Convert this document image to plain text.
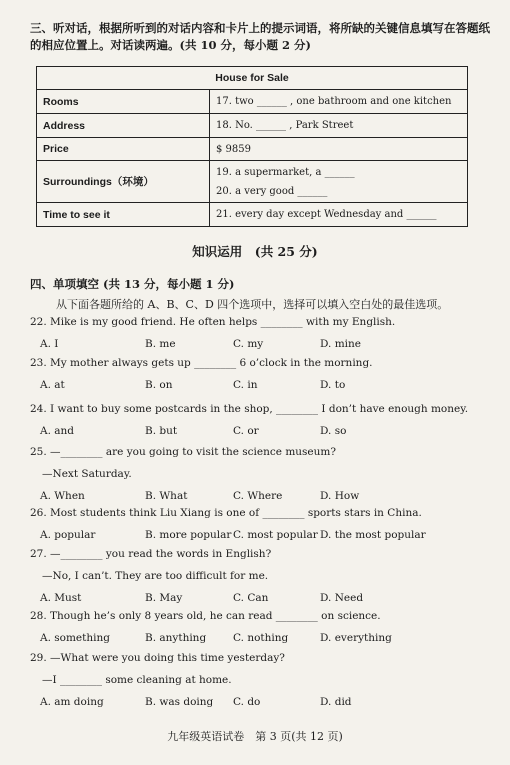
三、听对话，根据所听到的对话内容和卡片上的提示词语，将所缺的关键信息填写在答题纸的相应位置上。对话读两遍。(共 10 分，每小题 2 分)
House for Sale	
Rooms	17. two ______ , one bathroom and one kitchen
Address	18. No. ______ , Park Street
Price	$ 9859
Surroundings（环境）	19. a supermarket, a ______
20. a very good ______

Time to see it	21. every day except Wednesday and ______
知识运用　(共 25 分)
四、单项填空 (共 13 分，每小题 1 分)
从下面各题所给的 A、B、C、D 四个选项中，选择可以填入空白处的最佳选项。
22. Mike is my good friend. He often helps ________ with my English.
A. I	B. me	C. my	D. mine
23. My mother always gets up ________ 6 o’clock in the morning.
A. at	B. on	C. in	D. to
24. I want to buy some postcards in the shop, ________ I don’t have enough money.
A. and	B. but	C. or	D. so
25. —________ are you going to visit the science museum?
—Next Saturday.
A. When	B. What	C. Where	D. How
26. Most students think Liu Xiang is one of ________ sports stars in China.
A. popular	B. more popular C. most popular D. the most popular
27. —________ you read the words in English?
—No, I can’t. They are too difficult for me.
A. Must	B. May	C. Can	D. Need
28. Though he’s only 8 years old, he can read ________ on science.
A. something	B. anything	C. nothing	D. everything
29. —What were you doing this time yesterday?
—I ________ some cleaning at home.
A. am doing	B. was doing C. do	D. did
九年级英语试卷　第 3 页(共 12 页)
